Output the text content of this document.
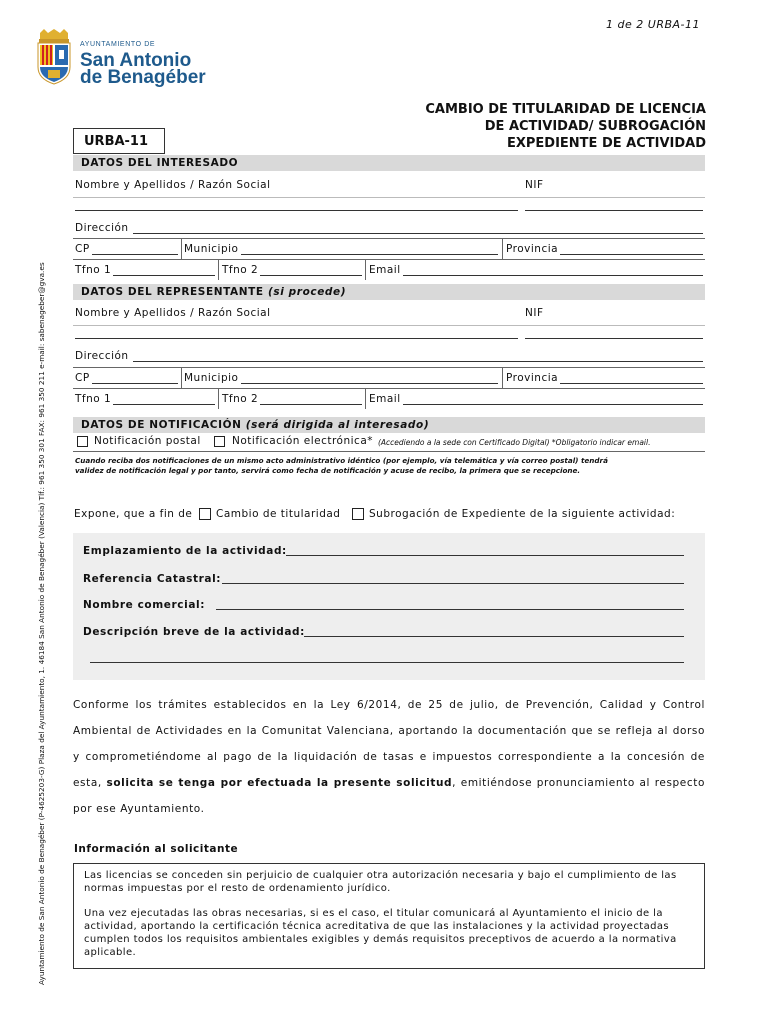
1 de 2 URBA-11
Ayuntamiento de San Antonio de Benagéber (P-4625203-G) Plaza del Ayuntamiento, 1. 46184 San Antonio de Benagéber (Valencia) Tlf.: 961 350 301 FAX: 961 350 211 e-mail: sabenageber@gva.es
AYUNTAMIENTO DE
San Antonio
de Benagéber
URBA-11
CAMBIO DE TITULARIDAD DE LICENCIA
DE ACTIVIDAD/ SUBROGACIÓN
EXPEDIENTE DE ACTIVIDAD
DATOS DEL INTERESADO
Nombre y Apellidos / Razón Social	NIF
Dirección
CP	Municipio	Provincia
Tfno 1	Tfno 2	Email
DATOS DEL REPRESENTANTE (si procede)
Nombre y Apellidos / Razón Social	NIF
Dirección
CP	Municipio	Provincia
Tfno 1	Tfno 2	Email
DATOS DE NOTIFICACIÓN (será dirigida al interesado)
Notificación postal	Notificación electrónica* (Accediendo a la sede con Certificado Digital) *Obligatorio indicar email.
Cuando reciba dos notificaciones de un mismo acto administrativo idéntico (por ejemplo, vía telemática y vía correo postal) tendrá
validez de notificación legal y por tanto, servirá como fecha de notificación y acuse de recibo, la primera que se recepcione.
Expone, que a fin de Cambio de titularidad	Subrogación de Expediente de la siguiente actividad:
Emplazamiento de la actividad:
Referencia Catastral:
Nombre comercial:
Descripción breve de la actividad:
Conforme los trámites establecidos en la Ley 6/2014, de 25 de julio, de Prevención, Calidad y Control Ambiental de Actividades en la Comunitat Valenciana, aportando la documentación que se refleja al dorso y comprometiéndome al pago de la liquidación de tasas e impuestos correspondiente a la concesión de esta, solicita se tenga por efectuada la presente solicitud, emitiéndose pronunciamiento al respecto por ese Ayuntamiento.
Información al solicitante
Las licencias se conceden sin perjuicio de cualquier otra autorización necesaria y bajo el cumplimiento de las normas impuestas por el resto de ordenamiento jurídico.
Una vez ejecutadas las obras necesarias, si es el caso, el titular comunicará al Ayuntamiento el inicio de la actividad, aportando la certificación técnica acreditativa de que las instalaciones y la actividad proyectadas cumplen todos los requisitos ambientales exigibles y demás requisitos preceptivos de acuerdo a la normativa aplicable.
